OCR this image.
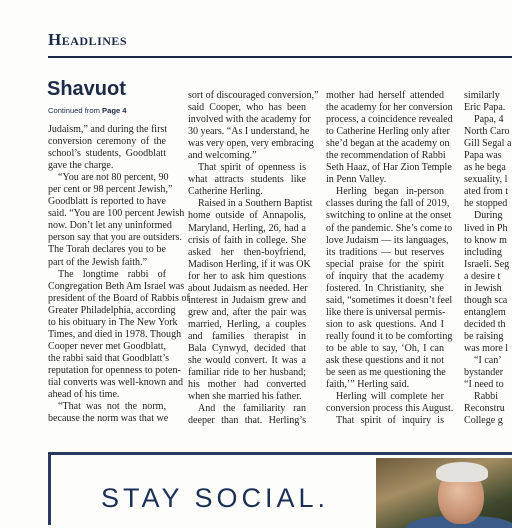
Headlines
Shavuot
Continued from Page 4
Judaism,” and during the first
conversion ceremony of the
school’s students, Goodblatt
gave the charge.
“You are not 80 percent, 90
per cent or 98 percent Jewish,”
Goodblatt is reported to have
said. “You are 100 percent Jewish
now. Don’t let any uninformed
person say that you are outsiders.
The Torah declares you to be
part of the Jewish faith.”
The longtime rabbi of
Congregation Beth Am Israel was
president of the Board of Rabbis of
Greater Philadelphia, according
to his obituary in The New York
Times, and died in 1978. Though
Cooper never met Goodblatt,
the rabbi said that Goodblatt’s
reputation for openness to poten-
tial converts was well-known and
ahead of his time.
“That was not the norm,
because the norm was that we
sort of discouraged conversion,”
said Cooper, who has been
involved with the academy for
30 years. “As I understand, he
was very open, very embracing
and welcoming.”
That spirit of openness is
what attracts students like
Catherine Herling.
Raised in a Southern Baptist
home outside of Annapolis,
Maryland, Herling, 26, had a
crisis of faith in college. She
asked her then-boyfriend,
Madison Herling, if it was OK
for her to ask him questions
about Judaism as needed. Her
interest in Judaism grew and
grew and, after the pair was
married, Herling, a couples
and families therapist in
Bala Cynwyd, decided that
she would convert. It was a
familiar ride to her husband;
his mother had converted
when she married his father.
And the familiarity ran
deeper than that. Herling’s
mother had herself attended
the academy for her conversion
process, a coincidence revealed
to Catherine Herling only after
she’d began at the academy on
the recommendation of Rabbi
Seth Haaz, of Har Zion Temple
in Penn Valley.
Herling began in-person
classes during the fall of 2019,
switching to online at the onset
of the pandemic. She’s come to
love Judaism — its languages,
its traditions — but reserves
special praise for the spirit
of inquiry that the academy
fostered. In Christianity, she
said, “sometimes it doesn’t feel
like there is universal permis-
sion to ask questions. And I
really found it to be comforting
to be able to say, ‘Oh, I can
ask these questions and it not
be seen as me questioning the
faith,’” Herling said.
Herling will complete her
conversion process this August.
That spirit of inquiry is
similarly
Eric Papa.
Papa, 4
North Caro
Gill Segal a
Papa was
as he bega
sexuality, l
ated from t
he stopped
During
lived in Ph
to know m
including
Israeli. Seg
a desire t
in Jewish
though sca
entanglem
decided th
be raising
was more l
“I can’
bystander
“I need to
Rabbi
Reconstru
College g
STAY SOCIAL.
